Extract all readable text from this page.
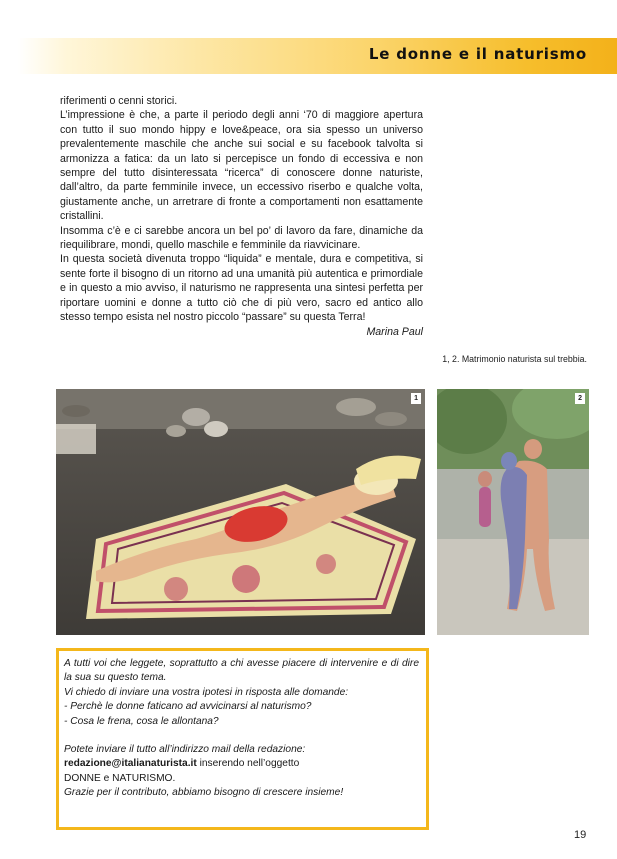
Le donne e il naturismo

riferimenti o cenni storici.

L’impressione è che, a parte il periodo degli anni ‘70 di maggiore apertura con tutto il suo mondo hippy e love&peace, ora sia spesso un universo prevalentemente maschile che anche sui social e su facebook talvolta si armonizza a fatica: da un lato si percepisce un fondo di eccessiva e non sempre del tutto disinteressata “ricerca” di conoscere donne naturiste, dall’altro, da parte femminile invece, un eccessivo riserbo e qualche volta, giustamente anche, un arretrare di fronte a comportamenti non esattamente cristallini.

Insomma c’è e ci sarebbe ancora un bel po’ di lavoro da fare, dinamiche da riequilibrare, mondi, quello maschile e femminile da riavvicinare.

In questa società divenuta troppo “liquida” e mentale, dura e competitiva, si sente forte il bisogno di un ritorno ad una umanità più autentica e primordiale e in questo a mio avviso, il naturismo ne rappresenta una sintesi perfetta per riportare uomini e donne a tutto ciò che di più vero, sacro ed antico allo stesso tempo esista nel nostro piccolo “passare” su questa Terra!

Marina Paul

1, 2. Matrimonio naturista sul trebbia.
1	2

A tutti voi che leggete, soprattutto a chi avesse piacere di intervenire e di dire la sua su questo tema.

Vi chiedo di inviare una vostra ipotesi in risposta alle domande:

- Perchè le donne faticano ad avvicinarsi al naturismo?

- Cosa le frena, cosa le allontana?

Potete inviare il tutto all’indirizzo mail della redazione:

redazione@italianaturista.it inserendo nell’oggetto

DONNE e NATURISMO.

Grazie per il contributo, abbiamo bisogno di crescere insieme!

19
